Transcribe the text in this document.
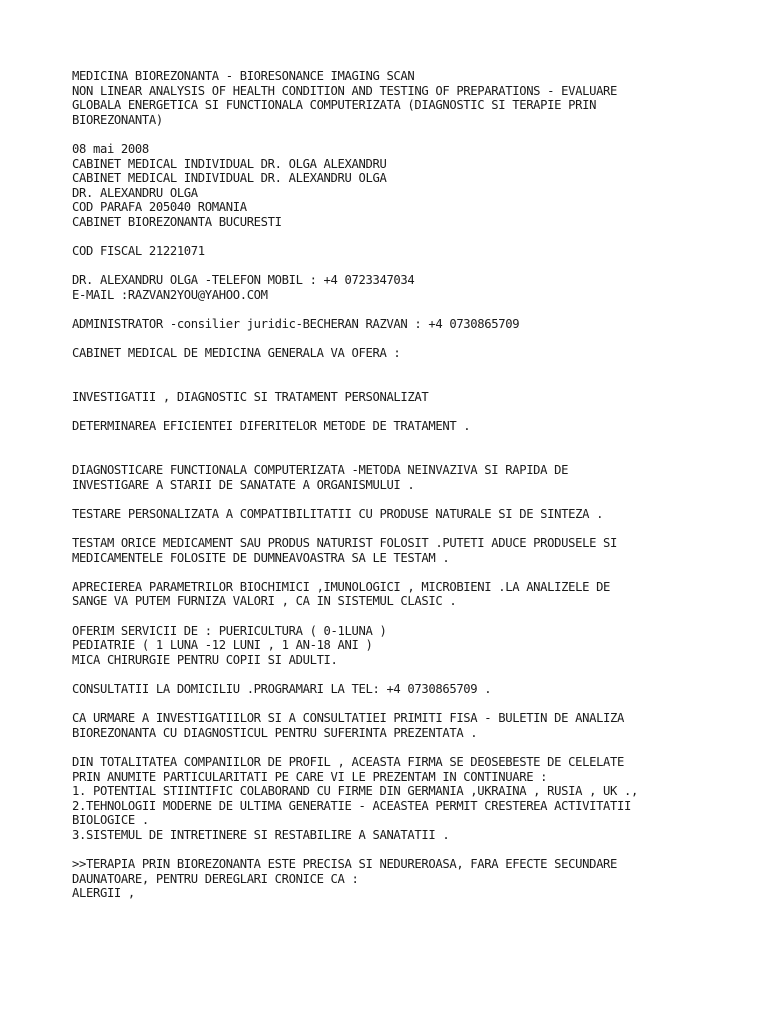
MEDICINA BIOREZONANTA - BIORESONANCE IMAGING SCAN
NON LINEAR ANALYSIS OF HEALTH CONDITION AND TESTING OF PREPARATIONS - EVALUARE
GLOBALA ENERGETICA SI FUNCTIONALA COMPUTERIZATA (DIAGNOSTIC SI TERAPIE PRIN
BIOREZONANTA)
08 mai 2008
CABINET MEDICAL INDIVIDUAL DR. OLGA ALEXANDRU
CABINET MEDICAL INDIVIDUAL DR. ALEXANDRU OLGA
DR. ALEXANDRU OLGA
COD PARAFA 205040 ROMANIA
CABINET BIOREZONANTA BUCURESTI
COD FISCAL 21221071
DR. ALEXANDRU OLGA -TELEFON MOBIL : +4 0723347034
E-MAIL :RAZVAN2YOU@YAHOO.COM
ADMINISTRATOR -consilier juridic-BECHERAN RAZVAN : +4 0730865709
CABINET MEDICAL DE MEDICINA GENERALA VA OFERA :
INVESTIGATII , DIAGNOSTIC SI TRATAMENT PERSONALIZAT
DETERMINAREA EFICIENTEI DIFERITELOR METODE DE TRATAMENT .
DIAGNOSTICARE FUNCTIONALA COMPUTERIZATA -METODA NEINVAZIVA SI RAPIDA DE
INVESTIGARE A STARII DE SANATATE A ORGANISMULUI .
TESTARE PERSONALIZATA A COMPATIBILITATII CU PRODUSE NATURALE SI DE SINTEZA .
TESTAM ORICE MEDICAMENT SAU PRODUS NATURIST FOLOSIT .PUTETI ADUCE PRODUSELE SI
MEDICAMENTELE FOLOSITE DE DUMNEAVOASTRA SA LE TESTAM .
APRECIEREA PARAMETRILOR BIOCHIMICI ,IMUNOLOGICI , MICROBIENI .LA ANALIZELE DE
SANGE VA PUTEM FURNIZA VALORI , CA IN SISTEMUL CLASIC .
OFERIM SERVICII DE : PUERICULTURA ( 0-1LUNA )
PEDIATRIE ( 1 LUNA -12 LUNI , 1 AN-18 ANI )
MICA CHIRURGIE PENTRU COPII SI ADULTI.
CONSULTATII LA DOMICILIU .PROGRAMARI LA TEL: +4 0730865709 .
CA URMARE A INVESTIGATIILOR SI A CONSULTATIEI PRIMITI FISA - BULETIN DE ANALIZA
BIOREZONANTA CU DIAGNOSTICUL PENTRU SUFERINTA PREZENTATA .
DIN TOTALITATEA COMPANIILOR DE PROFIL , ACEASTA FIRMA SE DEOSEBESTE DE CELELATE
PRIN ANUMITE PARTICULARITATI PE CARE VI LE PREZENTAM IN CONTINUARE :
1. POTENTIAL STIINTIFIC COLABORAND CU FIRME DIN GERMANIA ,UKRAINA , RUSIA , UK .,
2.TEHNOLOGII MODERNE DE ULTIMA GENERATIE - ACEASTEA PERMIT CRESTEREA ACTIVITATII
BIOLOGICE .
3.SISTEMUL DE INTRETINERE SI RESTABILIRE A SANATATII .
>>TERAPIA PRIN BIOREZONANTA ESTE PRECISA SI NEDUREROASA, FARA EFECTE SECUNDARE
DAUNATOARE, PENTRU DEREGLARI CRONICE CA :
ALERGII ,
